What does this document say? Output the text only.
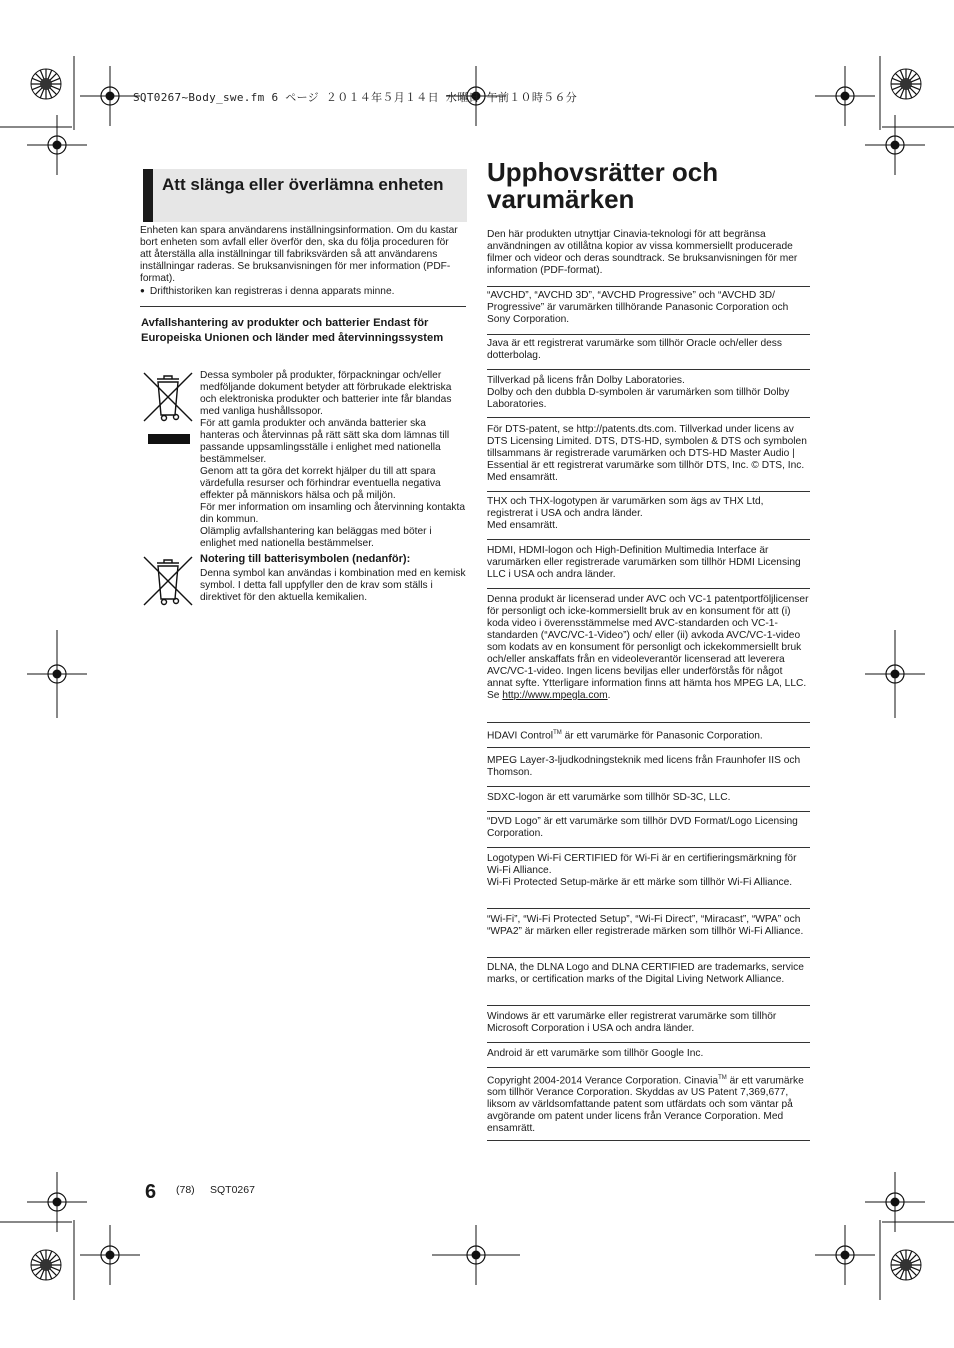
SQT0267~Body_swe.fm 6 ページ ２０１４年５月１４日 水曜日 午前１０時５６分
Att slänga eller överlämna enheten
Enheten kan spara användarens inställningsinformation. Om du kastar bort enheten som avfall eller överför den, ska du följa proceduren för att återställa alla inställningar till fabriksvärden så att användarens inställningar raderas. Se bruksanvisningen för mer information (PDF-format).
● Drifthistoriken kan registreras i denna apparats minne.
Avfallshantering av produkter och batterier Endast för Europeiska Unionen och länder med återvinningssystem
Dessa symboler på produkter, förpackningar och/eller medföljande dokument betyder att förbrukade elektriska och elektroniska produkter och batterier inte får blandas med vanliga hushållssopor.
För att gamla produkter och använda batterier ska hanteras och återvinnas på rätt sätt ska dom lämnas till passande uppsamlingsställe i enlighet med nationella bestämmelser.
Genom att ta göra det korrekt hjälper du till att spara värdefulla resurser och förhindrar eventuella negativa effekter på människors hälsa och på miljön.
För mer information om insamling och återvinning kontakta din kommun.
Olämplig avfallshantering kan beläggas med böter i enlighet med nationella bestämmelser.
Notering till batterisymbolen (nedanför):
Denna symbol kan användas i kombination med en kemisk symbol. I detta fall uppfyller den de krav som ställs i direktivet för den aktuella kemikalien.
Upphovsrätter och varumärken
Den här produkten utnyttjar Cinavia-teknologi för att begränsa användningen av otillåtna kopior av vissa kommersiellt producerade filmer och videor och deras soundtrack. Se bruksanvisningen för mer information (PDF-format).
“AVCHD”, “AVCHD 3D”, “AVCHD Progressive” och “AVCHD 3D/ Progressive” är varumärken tillhörande Panasonic Corporation och Sony Corporation.
Java är ett registrerat varumärke som tillhör Oracle och/eller dess dotterbolag.
Tillverkad på licens från Dolby Laboratories.
Dolby och den dubbla D-symbolen är varumärken som tillhör Dolby Laboratories.
För DTS-patent, se http://patents.dts.com. Tillverkad under licens av DTS Licensing Limited. DTS, DTS-HD, symbolen & DTS och symbolen tillsammans är registrerade varumärken och DTS-HD Master Audio | Essential är ett registrerat varumärke som tillhör DTS, Inc. © DTS, Inc. Med ensamrätt.
THX och THX-logotypen är varumärken som ägs av THX Ltd, registrerat i USA och andra länder.
Med ensamrätt.
HDMI, HDMI-logon och High-Definition Multimedia Interface är varumärken eller registrerade varumärken som tillhör HDMI Licensing LLC i USA och andra länder.
Denna produkt är licenserad under AVC och VC-1 patentportföljlicenser för personligt och icke-kommersiellt bruk av en konsument för att (i) koda video i överensstämmelse med AVC-standarden och VC-1-standarden (“AVC/VC-1-Video”) och/ eller (ii) avkoda AVC/VC-1-video som kodats av en konsument för personligt och ickekommersiellt bruk och/eller anskaffats från en videoleverantör licenserad att leverera AVC/VC-1-video. Ingen licens beviljas eller underförstås för något annat syfte. Ytterligare information finns att hämta hos MPEG LA, LLC.
Se http://www.mpegla.com.
HDAVI Control™ är ett varumärke för Panasonic Corporation.
MPEG Layer-3-ljudkodningsteknik med licens från Fraunhofer IIS och Thomson.
SDXC-logon är ett varumärke som tillhör SD-3C, LLC.
“DVD Logo” är ett varumärke som tillhör DVD Format/Logo Licensing Corporation.
Logotypen Wi-Fi CERTIFIED för Wi-Fi är en certifieringsmärkning för Wi-Fi Alliance.
Wi-Fi Protected Setup-märke är ett märke som tillhör Wi-Fi Alliance.
“Wi-Fi”, “Wi-Fi Protected Setup”, “Wi-Fi Direct”, “Miracast”, “WPA” och “WPA2” är märken eller registrerade märken som tillhör Wi-Fi Alliance.
DLNA, the DLNA Logo and DLNA CERTIFIED are trademarks, service marks, or certification marks of the Digital Living Network Alliance.
Windows är ett varumärke eller registrerat varumärke som tillhör Microsoft Corporation i USA och andra länder.
Android är ett varumärke som tillhör Google Inc.
Copyright 2004-2014 Verance Corporation. Cinavia™ är ett varumärke som tillhör Verance Corporation. Skyddas av US Patent 7,369,677, liksom av världsomfattande patent som utfärdats och som väntar på avgörande om patent under licens från Verance Corporation. Med ensamrätt.
6 (78) SQT0267
